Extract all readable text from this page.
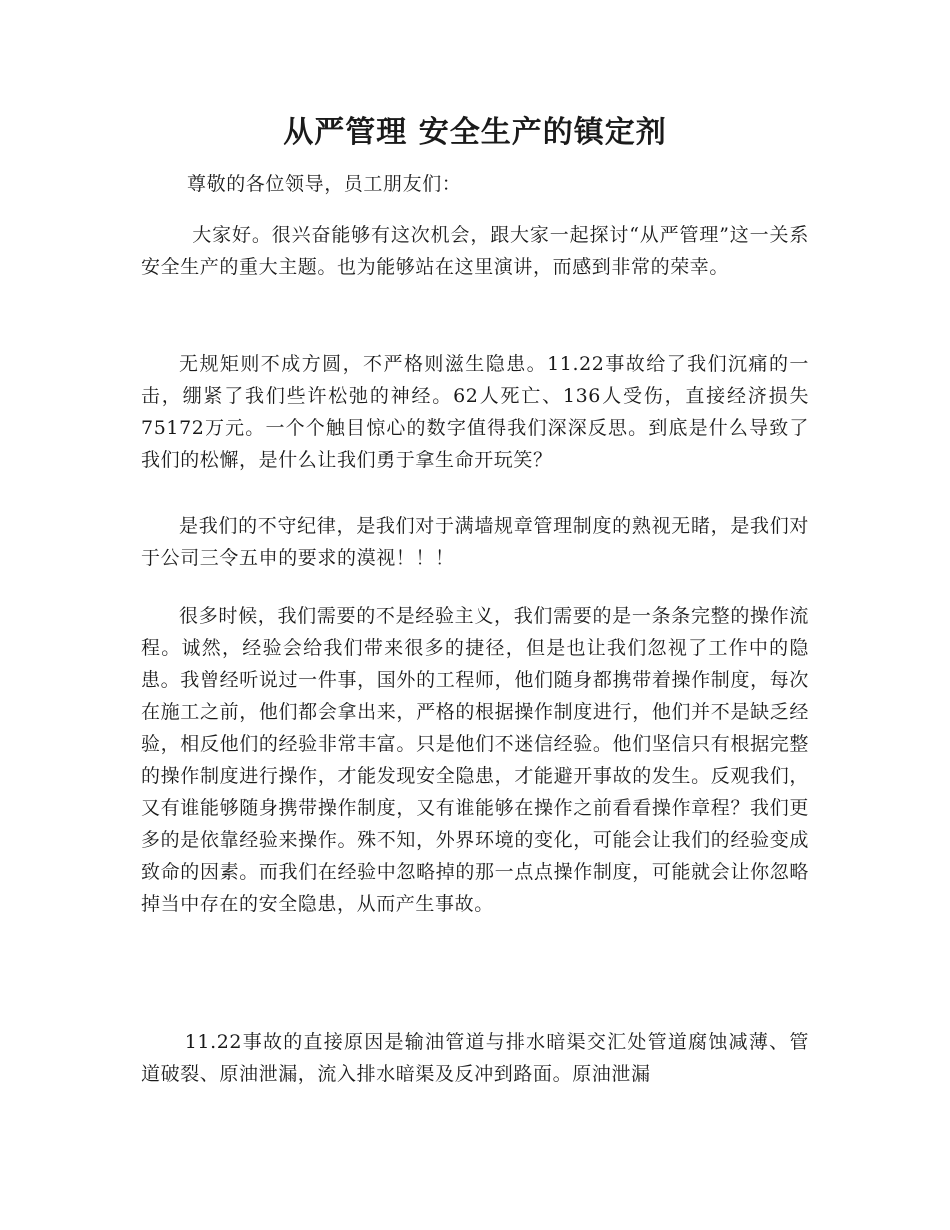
从严管理 安全生产的镇定剂
尊敬的各位领导，员工朋友们：

大家好。很兴奋能够有这次机会，跟大家一起探讨“从严管理”这一关系安全生产的重大主题。也为能够站在这里演讲，而感到非常的荣幸。

无规矩则不成方圆，不严格则滋生隐患。11.22事故给了我们沉痛的一击，绷紧了我们些许松弛的神经。62人死亡、136人受伤，直接经济损失75172万元。一个个触目惊心的数字值得我们深深反思。到底是什么导致了我们的松懈，是什么让我们勇于拿生命开玩笑？

是我们的不守纪律，是我们对于满墙规章管理制度的熟视无睹，是我们对于公司三令五申的要求的漠视！！！

很多时候，我们需要的不是经验主义，我们需要的是一条条完整的操作流程。诚然，经验会给我们带来很多的捷径，但是也让我们忽视了工作中的隐患。我曾经听说过一件事，国外的工程师，他们随身都携带着操作制度，每次在施工之前，他们都会拿出来，严格的根据操作制度进行，他们并不是缺乏经验，相反他们的经验非常丰富。只是他们不迷信经验。他们坚信只有根据完整的操作制度进行操作，才能发现安全隐患，才能避开事故的发生。反观我们，又有谁能够随身携带操作制度，又有谁能够在操作之前看看操作章程？我们更多的是依靠经验来操作。殊不知，外界环境的变化，可能会让我们的经验变成致命的因素。而我们在经验中忽略掉的那一点点操作制度，可能就会让你忽略掉当中存在的安全隐患，从而产生事故。

11.22事故的直接原因是输油管道与排水暗渠交汇处管道腐蚀减薄、管道破裂、原油泄漏，流入排水暗渠及反冲到路面。原油泄漏
